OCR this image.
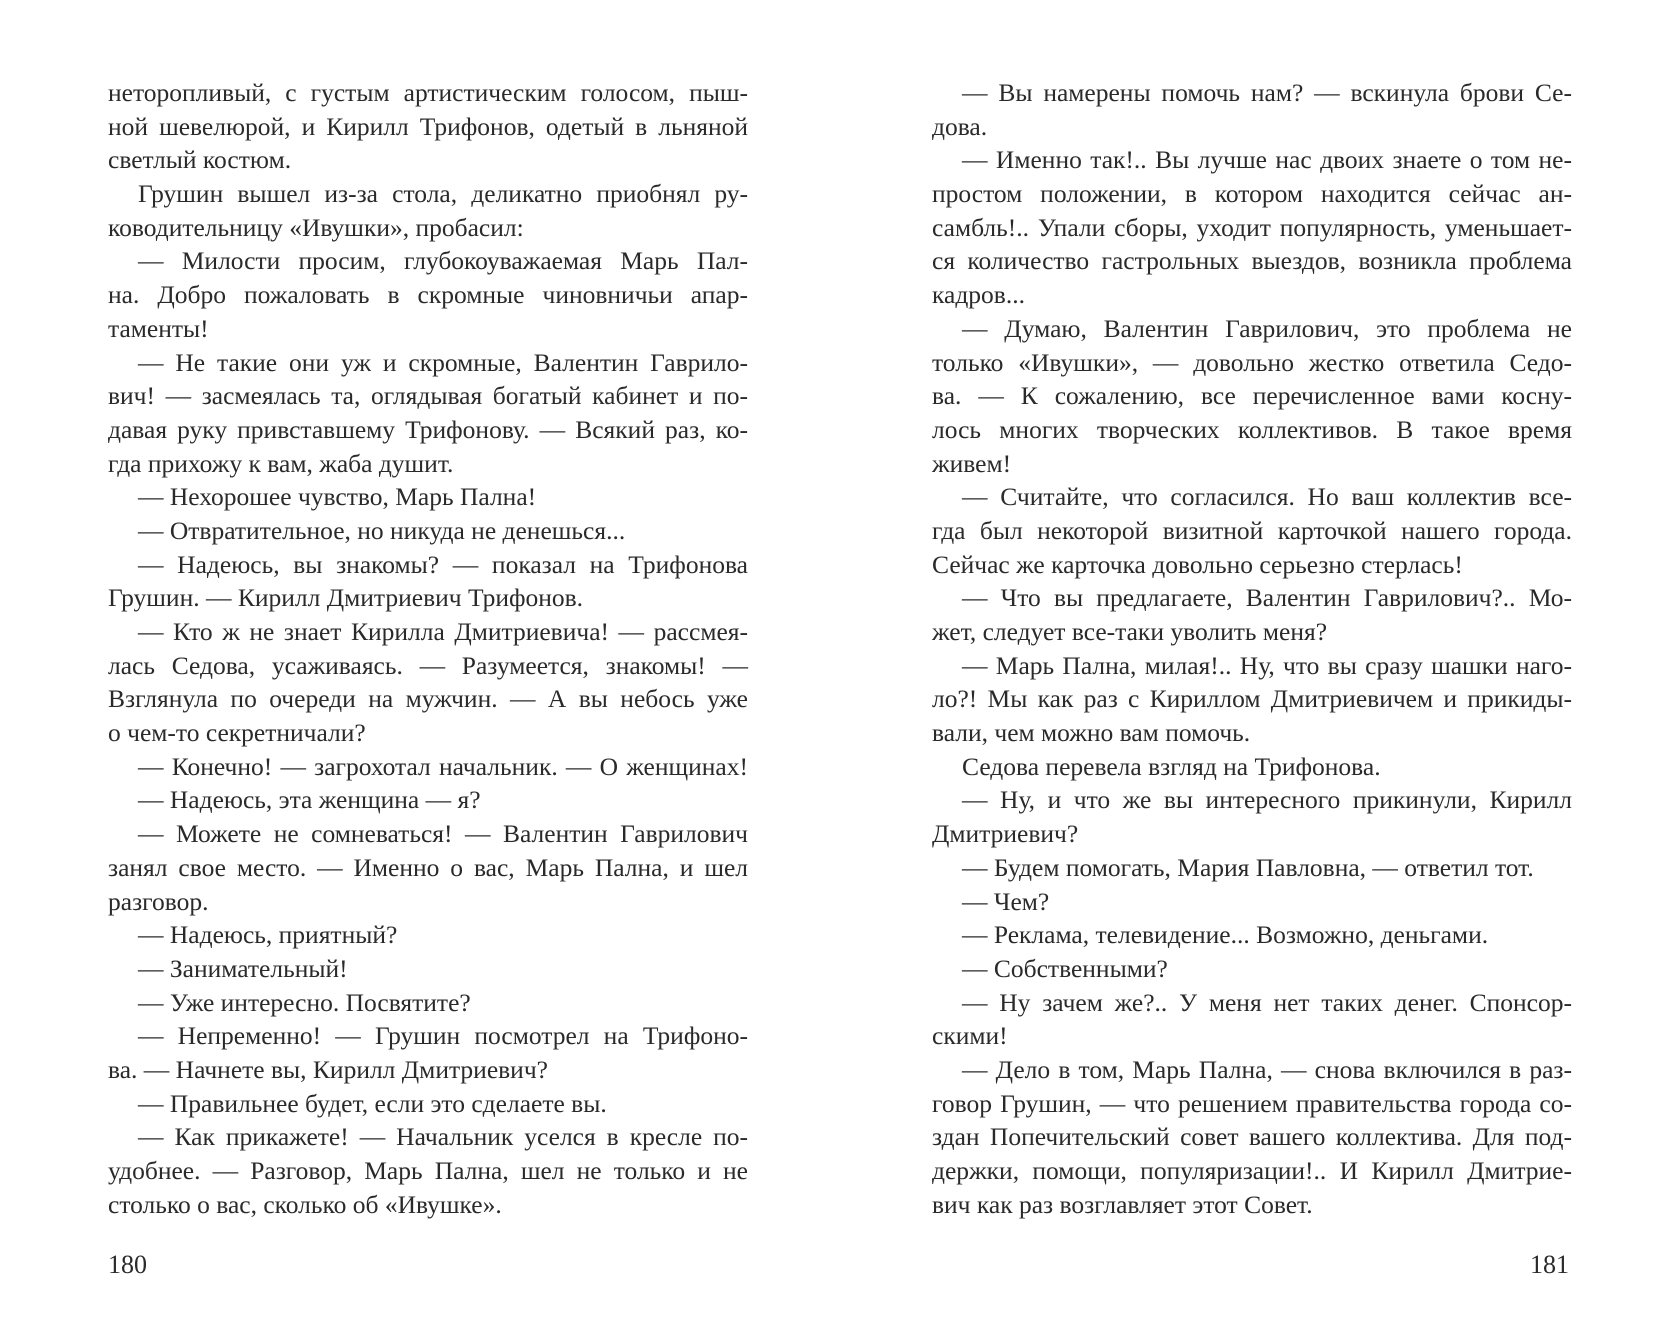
неторопливый, с густым артистическим голосом, пыш-
ной шевелюрой, и Кирилл Трифонов, одетый в льняной
светлый костюм.
Грушин вышел из-за стола, деликатно приобнял ру-
ководительницу «Ивушки», пробасил:
— Милости просим, глубокоуважаемая Марь Пал-
на. Добро пожаловать в скромные чиновничьи апар-
таменты!
— Не такие они уж и скромные, Валентин Гаврило-
вич! — засмеялась та, оглядывая богатый кабинет и по-
давая руку привставшему Трифонову. — Всякий раз, ко-
гда прихожу к вам, жаба душит.
— Нехорошее чувство, Марь Пална!
— Отвратительное, но никуда не денешься...
— Надеюсь, вы знакомы? — показал на Трифонова
Грушин. — Кирилл Дмитриевич Трифонов.
— Кто ж не знает Кирилла Дмитриевича! — рассмея-
лась Седова, усаживаясь. — Разумеется, знакомы! —
Взглянула по очереди на мужчин. — А вы небось уже
о чем-то секретничали?
— Конечно! — загрохотал начальник. — О женщинах!
— Надеюсь, эта женщина — я?
— Можете не сомневаться! — Валентин Гаврилович
занял свое место. — Именно о вас, Марь Пална, и шел
разговор.
— Надеюсь, приятный?
— Занимательный!
— Уже интересно. Посвятите?
— Непременно! — Грушин посмотрел на Трифоно-
ва. — Начнете вы, Кирилл Дмитриевич?
— Правильнее будет, если это сделаете вы.
— Как прикажете! — Начальник уселся в кресле по-
удобнее. — Разговор, Марь Пална, шел не только и не
столько о вас, сколько об «Ивушке».
180
— Вы намерены помочь нам? — вскинула брови Се-
дова.
— Именно так!.. Вы лучше нас двоих знаете о том не-
простом положении, в котором находится сейчас ан-
самбль!.. Упали сборы, уходит популярность, уменьшает-
ся количество гастрольных выездов, возникла проблема
кадров...
— Думаю, Валентин Гаврилович, это проблема не
только «Ивушки», — довольно жестко ответила Седо-
ва. — К сожалению, все перечисленное вами косну-
лось многих творческих коллективов. В такое время
живем!
— Считайте, что согласился. Но ваш коллектив все-
гда был некоторой визитной карточкой нашего города.
Сейчас же карточка довольно серьезно стерлась!
— Что вы предлагаете, Валентин Гаврилович?.. Мо-
жет, следует все-таки уволить меня?
— Марь Пална, милая!.. Ну, что вы сразу шашки наго-
ло?! Мы как раз с Кириллом Дмитриевичем и прикиды-
вали, чем можно вам помочь.
Седова перевела взгляд на Трифонова.
— Ну, и что же вы интересного прикинули, Кирилл
Дмитриевич?
— Будем помогать, Мария Павловна, — ответил тот.
— Чем?
— Реклама, телевидение... Возможно, деньгами.
— Собственными?
— Ну зачем же?.. У меня нет таких денег. Спонсор-
скими!
— Дело в том, Марь Пална, — снова включился в раз-
говор Грушин, — что решением правительства города со-
здан Попечительский совет вашего коллектива. Для под-
держки, помощи, популяризации!.. И Кирилл Дмитрие-
вич как раз возглавляет этот Совет.
181
